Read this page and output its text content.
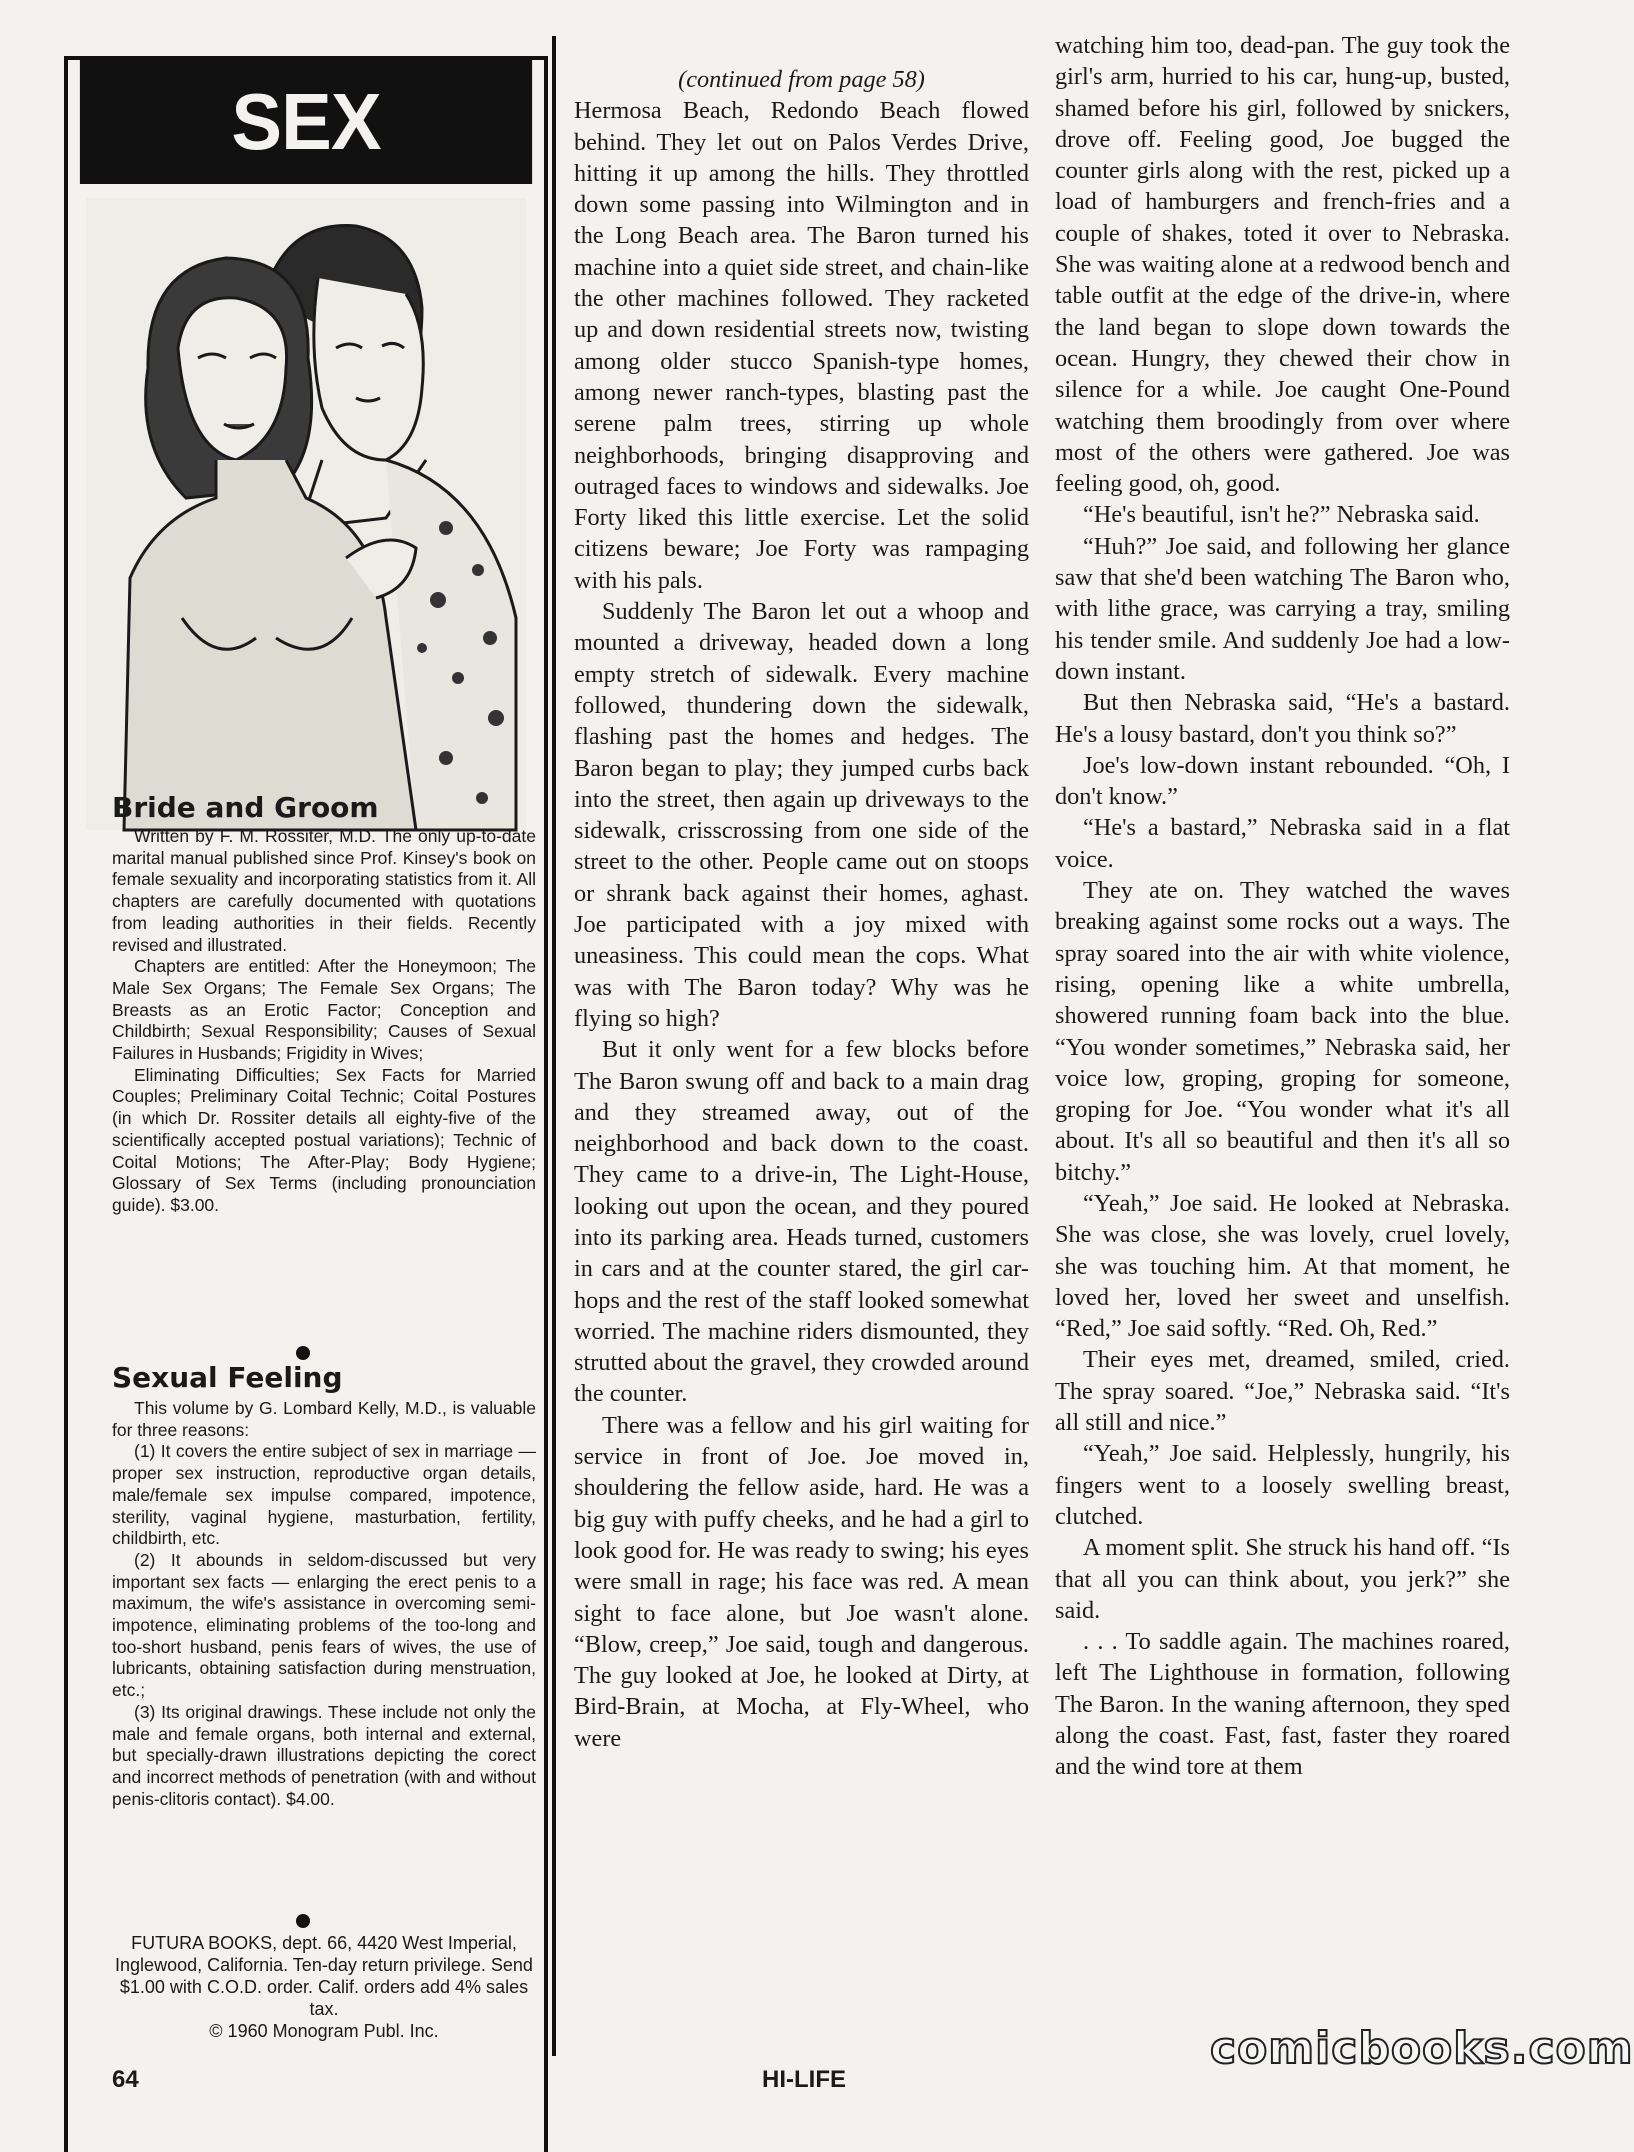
SEX
Bride and Groom

Written by F. M. Rossiter, M.D. The only up-to-date marital manual published since Prof. Kinsey's book on female sexuality and incorporating statistics from it. All chapters are carefully documented with quotations from leading authorities in their fields. Recently revised and illustrated.

Chapters are entitled: After the Honeymoon; The Male Sex Organs; The Female Sex Organs; The Breasts as an Erotic Factor; Conception and Childbirth; Sexual Responsibility; Causes of Sexual Failures in Husbands; Frigidity in Wives;

Eliminating Difficulties; Sex Facts for Married Couples; Preliminary Coital Technic; Coital Postures (in which Dr. Rossiter details all eighty-five of the scientifically accepted postual variations); Technic of Coital Motions; The After-Play; Body Hygiene; Glossary of Sex Terms (including pronounciation guide). $3.00.

Sexual Feeling

This volume by G. Lombard Kelly, M.D., is valuable for three reasons:

(1) It covers the entire subject of sex in marriage — proper sex instruction, reproductive organ details, male/female sex impulse compared, impotence, sterility, vaginal hygiene, masturbation, fertility, childbirth, etc.

(2) It abounds in seldom-discussed but very important sex facts — enlarging the erect penis to a maximum, the wife's assistance in overcoming semi-impotence, eliminating problems of the too-long and too-short husband, penis fears of wives, the use of lubricants, obtaining satisfaction during menstruation, etc.;

(3) Its original drawings. These include not only the male and female organs, both internal and external, but specially-drawn illustrations depicting the corect and incorrect methods of penetration (with and without penis-clitoris contact). $4.00.

FUTURA BOOKS, dept. 66, 4420 West Imperial, Inglewood, California. Ten-day return privilege. Send $1.00 with C.O.D. order. Calif. orders add 4% sales tax.

© 1960 Monogram Publ. Inc.

(continued from page 58)

Hermosa Beach, Redondo Beach flowed behind. They let out on Palos Verdes Drive, hitting it up among the hills. They throttled down some passing into Wilmington and in the Long Beach area. The Baron turned his machine into a quiet side street, and chain-like the other machines followed. They racketed up and down residential streets now, twisting among older stucco Spanish-type homes, among newer ranch-types, blasting past the serene palm trees, stirring up whole neighborhoods, bringing disapproving and outraged faces to windows and sidewalks. Joe Forty liked this little exercise. Let the solid citizens beware; Joe Forty was rampaging with his pals.

Suddenly The Baron let out a whoop and mounted a driveway, headed down a long empty stretch of sidewalk. Every machine followed, thundering down the sidewalk, flashing past the homes and hedges. The Baron began to play; they jumped curbs back into the street, then again up driveways to the sidewalk, crisscrossing from one side of the street to the other. People came out on stoops or shrank back against their homes, aghast. Joe participated with a joy mixed with uneasiness. This could mean the cops. What was with The Baron today? Why was he flying so high?

But it only went for a few blocks before The Baron swung off and back to a main drag and they streamed away, out of the neighborhood and back down to the coast. They came to a drive-in, The Light-House, looking out upon the ocean, and they poured into its parking area. Heads turned, customers in cars and at the counter stared, the girl car-hops and the rest of the staff looked somewhat worried. The machine riders dismounted, they strutted about the gravel, they crowded around the counter.

There was a fellow and his girl waiting for service in front of Joe. Joe moved in, shouldering the fellow aside, hard. He was a big guy with puffy cheeks, and he had a girl to look good for. He was ready to swing; his eyes were small in rage; his face was red. A mean sight to face alone, but Joe wasn't alone. “Blow, creep,” Joe said, tough and dangerous. The guy looked at Joe, he looked at Dirty, at Bird-Brain, at Mocha, at Fly-Wheel, who were

watching him too, dead-pan. The guy took the girl's arm, hurried to his car, hung-up, busted, shamed before his girl, followed by snickers, drove off. Feeling good, Joe bugged the counter girls along with the rest, picked up a load of hamburgers and french-fries and a couple of shakes, toted it over to Nebraska. She was waiting alone at a redwood bench and table outfit at the edge of the drive-in, where the land began to slope down towards the ocean. Hungry, they chewed their chow in silence for a while. Joe caught One-Pound watching them broodingly from over where most of the others were gathered. Joe was feeling good, oh, good.

“He's beautiful, isn't he?” Nebraska said.

“Huh?” Joe said, and following her glance saw that she'd been watching The Baron who, with lithe grace, was carrying a tray, smiling his tender smile. And suddenly Joe had a low-down instant.

But then Nebraska said, “He's a bastard. He's a lousy bastard, don't you think so?”

Joe's low-down instant rebounded. “Oh, I don't know.”

“He's a bastard,” Nebraska said in a flat voice.

They ate on. They watched the waves breaking against some rocks out a ways. The spray soared into the air with white violence, rising, opening like a white umbrella, showered running foam back into the blue. “You wonder sometimes,” Nebraska said, her voice low, groping, groping for someone, groping for Joe. “You wonder what it's all about. It's all so beautiful and then it's all so bitchy.”

“Yeah,” Joe said. He looked at Nebraska. She was close, she was lovely, cruel lovely, she was touching him. At that moment, he loved her, loved her sweet and unselfish. “Red,” Joe said softly. “Red. Oh, Red.”

Their eyes met, dreamed, smiled, cried. The spray soared. “Joe,” Nebraska said. “It's all still and nice.”

“Yeah,” Joe said. Helplessly, hungrily, his fingers went to a loosely swelling breast, clutched.

A moment split. She struck his hand off. “Is that all you can think about, you jerk?” she said.

. . . To saddle again. The machines roared, left The Lighthouse in formation, following The Baron. In the waning afternoon, they sped along the coast. Fast, fast, faster they roared and the wind tore at them

64	HI-LIFE
comicbooks.com
